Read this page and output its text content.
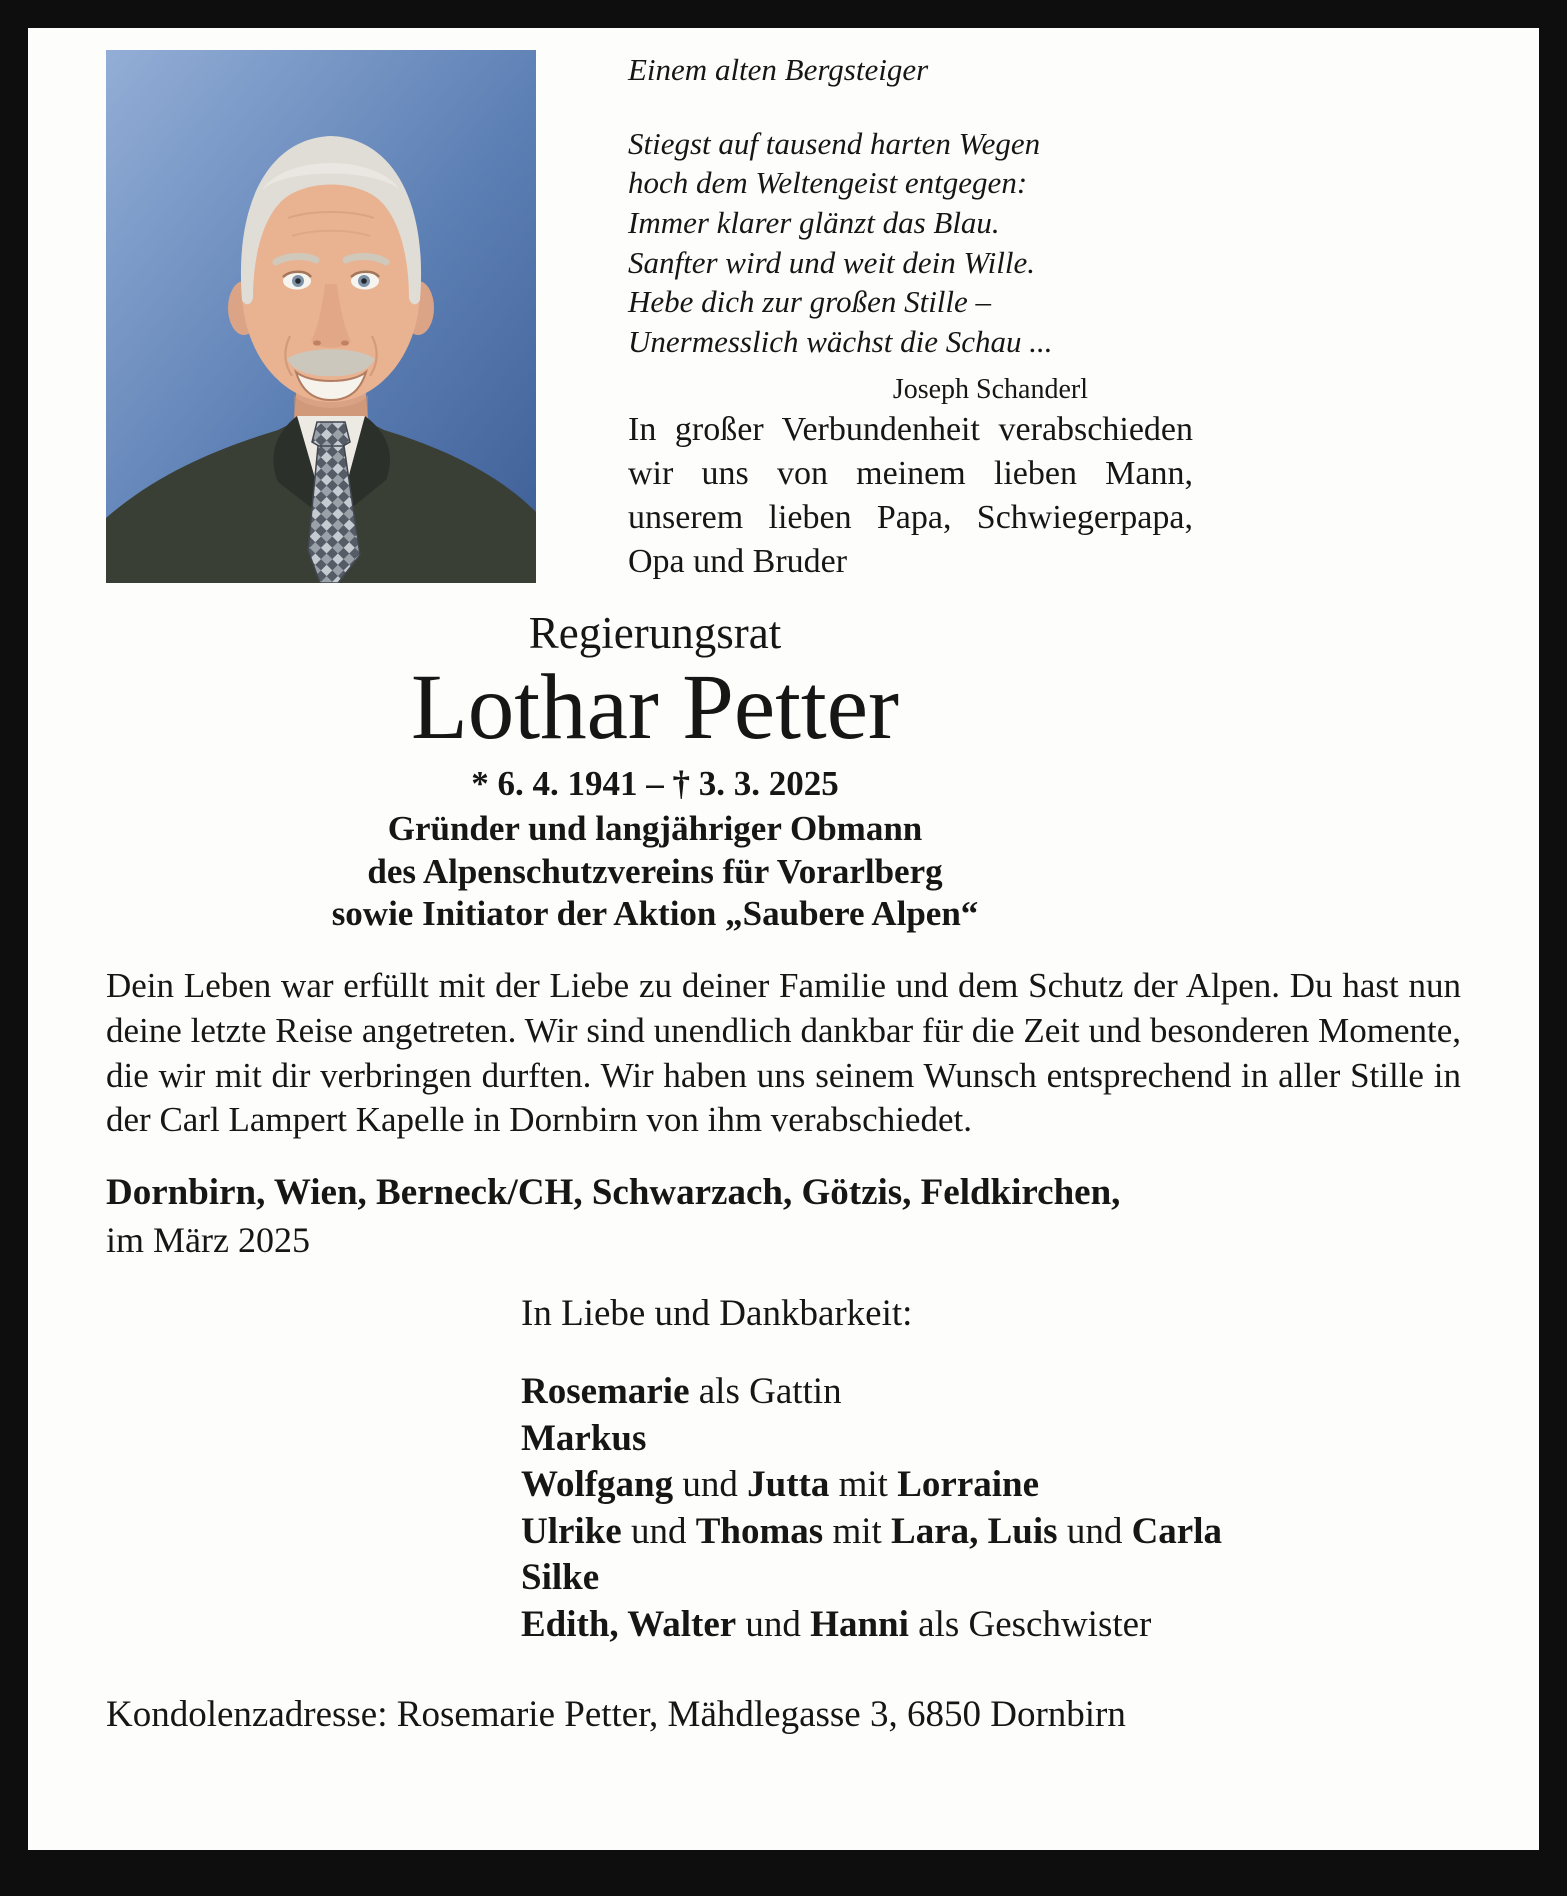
Einem alten Bergsteiger
Stiegst auf tausend harten Wegen
hoch dem Weltengeist entgegen:
Immer klarer glänzt das Blau.
Sanfter wird und weit dein Wille.
Hebe dich zur großen Stille –
Unermesslich wächst die Schau ...
Joseph Schanderl

In großer Verbundenheit verabschieden wir uns von meinem lieben Mann, unserem lieben Papa, Schwiegerpapa, Opa und Bruder

Regierungsrat
Lothar Petter
* 6. 4. 1941 – † 3. 3. 2025
Gründer und langjähriger Obmann
des Alpenschutzvereins für Vorarlberg
sowie Initiator der Aktion „Saubere Alpen“

Dein Leben war erfüllt mit der Liebe zu deiner Familie und dem Schutz der Alpen. Du hast nun deine letzte Reise angetreten. Wir sind unendlich dankbar für die Zeit und besonderen Momente, die wir mit dir verbringen durften. Wir haben uns seinem Wunsch entsprechend in aller Stille in der Carl Lampert Kapelle in Dornbirn von ihm verabschiedet.

Dornbirn, Wien, Berneck/CH, Schwarzach, Götzis, Feldkirchen,
im März 2025

In Liebe und Dankbarkeit:
Rosemarie als Gattin
Markus
Wolfgang und Jutta mit Lorraine
Ulrike und Thomas mit Lara, Luis und Carla
Silke
Edith, Walter und Hanni als Geschwister

Kondolenzadresse: Rosemarie Petter, Mähdlegasse 3, 6850 Dornbirn
